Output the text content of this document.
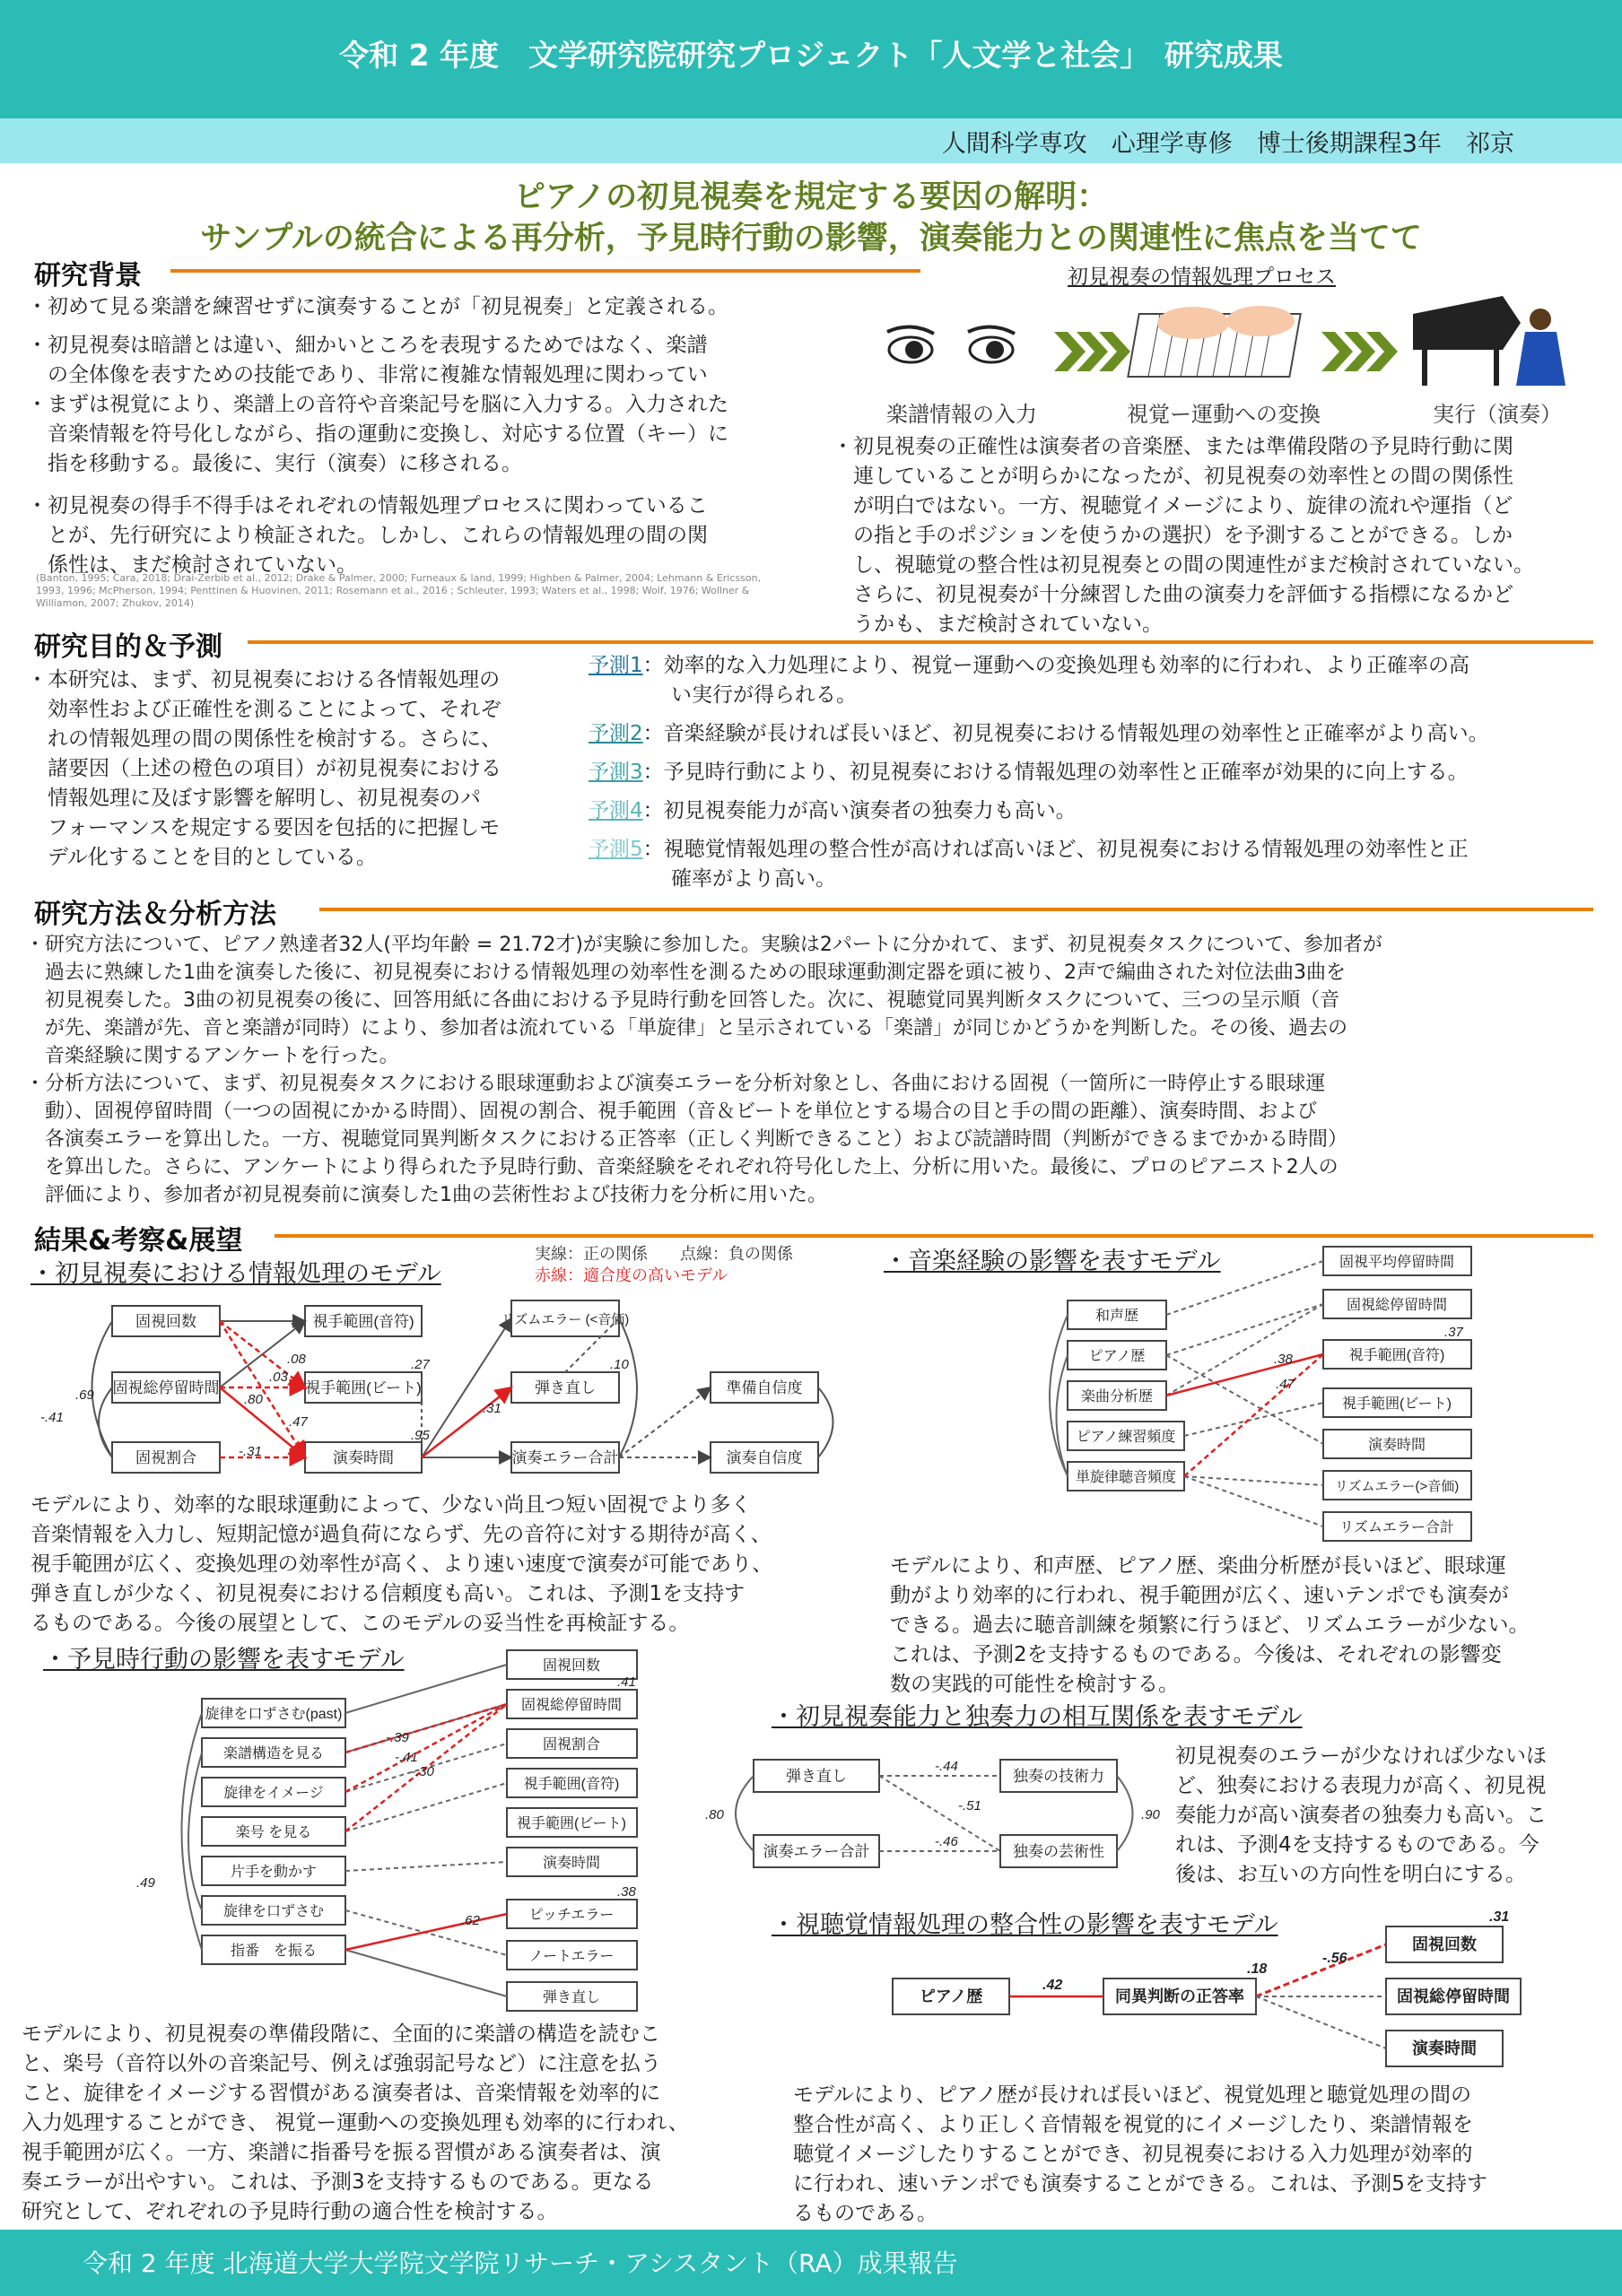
令和 2 年度　文学研究院研究プロジェクト「人文学と社会」　研究成果
人間科学専攻　心理学専修　博士後期課程3年　祁京
ピアノの初見視奏を規定する要因の解明：
サンプルの統合による再分析，予見時行動の影響，演奏能力との関連性に焦点を当てて
研究背景
・初めて見る楽譜を練習せずに演奏することが「初見視奏」と定義される。
・初見視奏は暗譜とは違い、細かいところを表現するためではなく、楽譜
　の全体像を表すための技能であり、非常に複雑な情報処理に関わってい
・まずは視覚により、楽譜上の音符や音楽記号を脳に入力する。入力された
　音楽情報を符号化しながら、指の運動に変換し、対応する位置（キー）に
　指を移動する。最後に、実行（演奏）に移される。
・初見視奏の得手不得手はそれぞれの情報処理プロセスに関わっているこ
　とが、先行研究により検証された。しかし、これらの情報処理の間の関
　係性は、まだ検討されていない。
(Banton, 1995; Cara, 2018; Drai-Zerbib et al., 2012; Drake & Palmer, 2000; Furneaux & land, 1999; Highben & Palmer, 2004; Lehmann & Ericsson,
1993, 1996; McPherson, 1994; Penttinen & Huovinen, 2011; Rosemann et al., 2016 ; Schleuter, 1993; Waters et al., 1998; Wolf, 1976; Wollner &
Williamon, 2007; Zhukov, 2014)
初見視奏の情報処理プロセス
楽譜情報の入力	視覚ー運動への変換	実行（演奏）
・初見視奏の正確性は演奏者の音楽歴、または準備段階の予見時行動に関
　連していることが明らかになったが、初見視奏の効率性との間の関係性
　が明白ではない。一方、視聴覚イメージにより、旋律の流れや運指（ど
　の指と手のポジションを使うかの選択）を予測することができる。しか
　し、視聴覚の整合性は初見視奏との間の関連性がまだ検討されていない。
　さらに、初見視奏が十分練習した曲の演奏力を評価する指標になるかど
　うかも、まだ検討されていない。
研究目的＆予測
・本研究は、まず、初見視奏における各情報処理の
　効率性および正確性を測ることによって、それぞ
　れの情報処理の間の関係性を検討する。さらに、
　諸要因（上述の橙色の項目）が初見視奏における
　情報処理に及ぼす影響を解明し、初見視奏のパ
　フォーマンスを規定する要因を包括的に把握しモ
　デル化することを目的としている。
予測1：効率的な入力処理により、視覚ー運動への変換処理も効率的に行われ、より正確率の高
い実行が得られる。
予測2：音楽経験が長ければ長いほど、初見視奏における情報処理の効率性と正確率がより高い。
予測3：予見時行動により、初見視奏における情報処理の効率性と正確率が効果的に向上する。
予測4：初見視奏能力が高い演奏者の独奏力も高い。
予測5：視聴覚情報処理の整合性が高ければ高いほど、初見視奏における情報処理の効率性と正
確率がより高い。
研究方法＆分析方法
・研究方法について、ピアノ熟達者32人(平均年齢 = 21.72才)が実験に参加した。実験は2パートに分かれて、まず、初見視奏タスクについて、参加者が
　過去に熟練した1曲を演奏した後に、初見視奏における情報処理の効率性を測るための眼球運動測定器を頭に被り、2声で編曲された対位法曲3曲を
　初見視奏した。3曲の初見視奏の後に、回答用紙に各曲における予見時行動を回答した。次に、視聴覚同異判断タスクについて、三つの呈示順（音
　が先、楽譜が先、音と楽譜が同時）により、参加者は流れている「単旋律」と呈示されている「楽譜」が同じかどうかを判断した。その後、過去の
　音楽経験に関するアンケートを行った。
・分析方法について、まず、初見視奏タスクにおける眼球運動および演奏エラーを分析対象とし、各曲における固視（一箇所に一時停止する眼球運
　動）、固視停留時間（一つの固視にかかる時間）、固視の割合、視手範囲（音＆ビートを単位とする場合の目と手の間の距離）、演奏時間、および
　各演奏エラーを算出した。一方、視聴覚同異判断タスクにおける正答率（正しく判断できること）および読譜時間（判断ができるまでかかる時間）
　を算出した。さらに、アンケートにより得られた予見時行動、音楽経験をそれぞれ符号化した上、分析に用いた。最後に、プロのピアニスト2人の
　評価により、参加者が初見視奏前に演奏した1曲の芸術性および技術力を分析に用いた。
結果&考察&展望	実線：正の関係　　点線：負の関係
赤線：適合度の高いモデル
・初見視奏における情報処理のモデル
固視回数
固視総停留時間
固視割合
視手範囲(音符)
視手範囲(ビート)
演奏時間
リズムエラー (<音価)
弾き直し
演奏エラー合計
準備自信度
演奏自信度
.69
-.41
.08
.03
.80
.47
-.31
.27
.95
.31
.10
モデルにより、効率的な眼球運動によって、少ない尚且つ短い固視でより多く
音楽情報を入力し、短期記憶が過負荷にならず、先の音符に対する期待が高く、
視手範囲が広く、変換処理の効率性が高く、より速い速度で演奏が可能であり、
弾き直しが少なく、初見視奏における信頼度も高い。これは、予測1を支持す
るものである。今後の展望として、このモデルの妥当性を再検証する。
・音楽経験の影響を表すモデル
和声歴
ピアノ歴
楽曲分析歴
ピアノ練習頻度
単旋律聴音頻度
固視平均停留時間
固視総停留時間
視手範囲(音符)
視手範囲(ビート)
演奏時間
リズムエラー(>音価)
リズムエラー合計
.38
.47
.37
モデルにより、和声歴、ピアノ歴、楽曲分析歴が長いほど、眼球運
動がより効率的に行われ、視手範囲が広く、速いテンポでも演奏が
できる。過去に聴音訓練を頻繁に行うほど、リズムエラーが少ない。
これは、予測2を支持するものである。今後は、それぞれの影響変
数の実践的可能性を検討する。
・予見時行動の影響を表すモデル
旋律を口ずさむ(past)
楽譜構造を見る
旋律をイメージ
楽号 を見る
片手を動かす
旋律を口ずさむ
指番　を振る
固視回数
固視総停留時間
固視割合
視手範囲(音符)
視手範囲(ビート)
演奏時間
ピッチエラー
ノートエラー
弾き直し
-.39
-.41
-.30
.41
.49
.62
.38
モデルにより、初見視奏の準備段階に、全面的に楽譜の構造を読むこ
と、楽号（音符以外の音楽記号、例えば強弱記号など）に注意を払う
こと、旋律をイメージする習慣がある演奏者は、音楽情報を効率的に
入力処理することができ、 視覚ー運動への変換処理も効率的に行われ、
視手範囲が広く。一方、楽譜に指番号を振る習慣がある演奏者は、演
奏エラーが出やすい。これは、予測3を支持するものである。更なる
研究として、ぞれぞれの予見時行動の適合性を検討する。
・初見視奏能力と独奏力の相互関係を表すモデル
弾き直し
演奏エラー合計
独奏の技術力
独奏の芸術性
-.44
-.51
-.46
.80	.90
初見視奏のエラーが少なければ少ないほ
ど、独奏における表現力が高く、初見視
奏能力が高い演奏者の独奏力も高い。こ
れは、予測4を支持するものである。今
後は、お互いの方向性を明白にする。
・視聴覚情報処理の整合性の影響を表すモデル
ピアノ歴	同異判断の正答率
固視回数
固視総停留時間
演奏時間
.42
.18
-.56
.31
モデルにより、ピアノ歴が長ければ長いほど、視覚処理と聴覚処理の間の
整合性が高く、より正しく音情報を視覚的にイメージしたり、楽譜情報を
聴覚イメージしたりすることができ、初見視奏における入力処理が効率的
に行われ、速いテンポでも演奏することができる。これは、予測5を支持す
るものである。
令和 2 年度 北海道大学大学院文学院リサーチ・アシスタント（RA）成果報告
